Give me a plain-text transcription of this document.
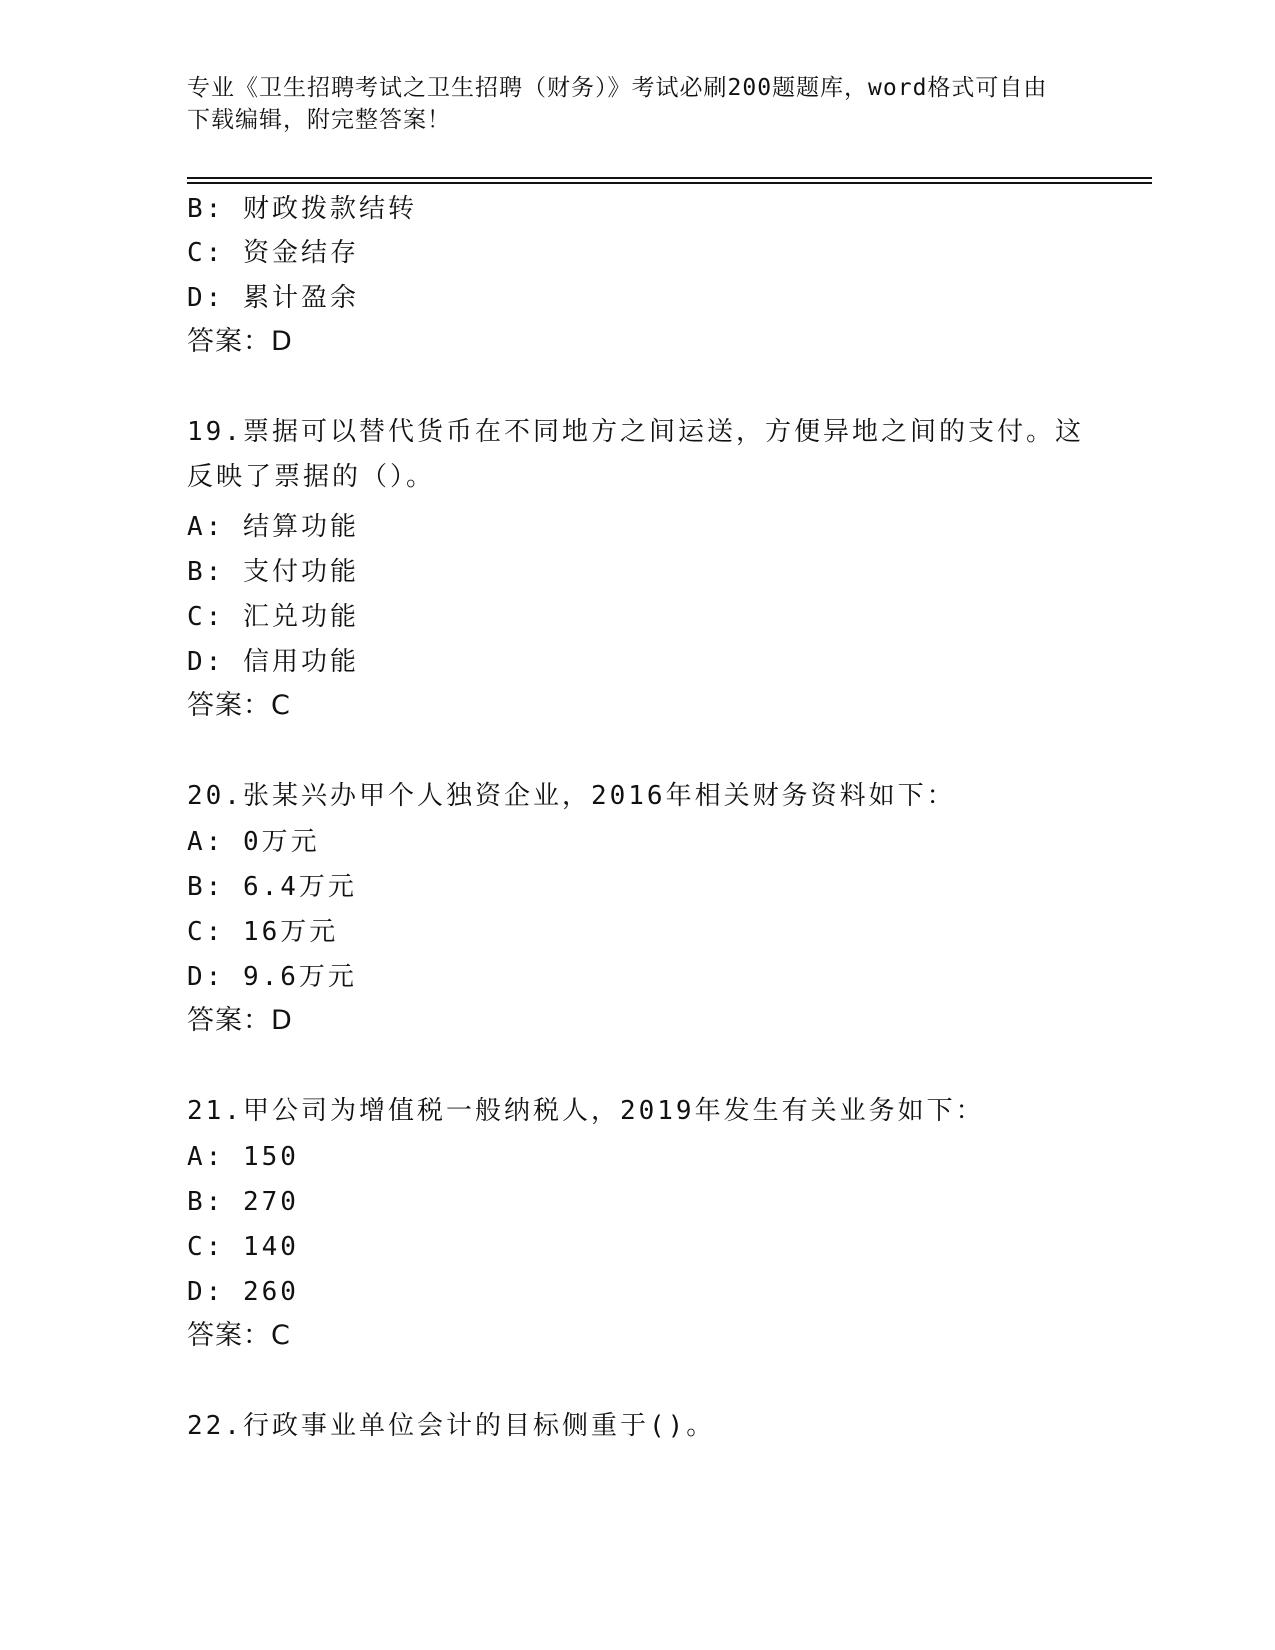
专业《卫生招聘考试之卫生招聘（财务）》考试必刷200题题库，word格式可自由下载编辑，附完整答案！
B: 财政拨款结转
C: 资金结存
D: 累计盈余
答案：D
19.票据可以替代货币在不同地方之间运送，方便异地之间的支付。这反映了票据的（）。
A: 结算功能
B: 支付功能
C: 汇兑功能
D: 信用功能
答案：C
20.张某兴办甲个人独资企业，2016年相关财务资料如下：
A: 0万元
B: 6.4万元
C: 16万元
D: 9.6万元
答案：D
21.甲公司为增值税一般纳税人，2019年发生有关业务如下：
A: 150
B: 270
C: 140
D: 260
答案：C
22.行政事业单位会计的目标侧重于()。
